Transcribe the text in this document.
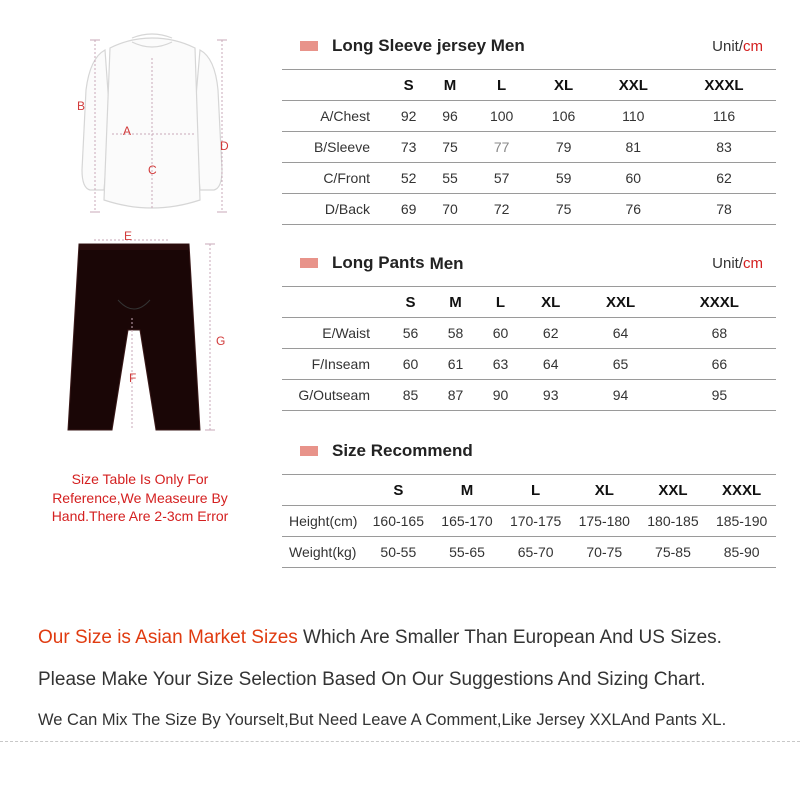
B
A
C
D
E
F
G
Size Table Is Only For Reference,We Measeure By Hand.There Are 2-3cm Error
Long Sleeve jersey Men	Unit/cm
	S	M	L	XL	XXL	XXXL
A/Chest	92	96	100	106	110	116
B/Sleeve	73	75	77	79	81	83
C/Front	52	55	57	59	60	62
D/Back	69	70	72	75	76	78
Long Pants Men	Unit/cm
	S	M	L	XL	XXL	XXXL
E/Waist	56	58	60	62	64	68
F/Inseam	60	61	63	64	65	66
G/Outseam	85	87	90	93	94	95
Size Recommend
	S	M	L	XL	XXL	XXXL
Height(cm)	160-165	165-170	170-175	175-180	180-185	185-190
Weight(kg)	50-55	55-65	65-70	70-75	75-85	85-90
Our Size is Asian Market Sizes Which Are Smaller Than European And US Sizes.
Please Make Your Size Selection Based On Our Suggestions And Sizing Chart.
We Can Mix The Size By Yourselt,But Need Leave A Comment,Like Jersey XXLAnd Pants XL.
